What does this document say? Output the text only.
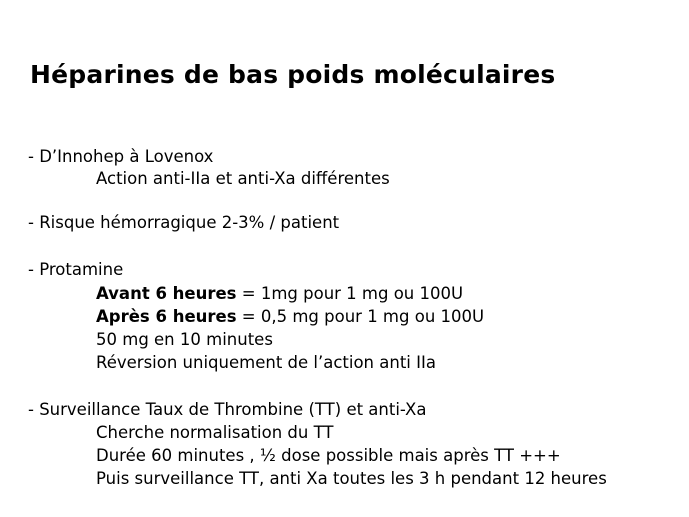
Héparines de bas poids moléculaires
- D’Innohep à Lovenox
Action anti-IIa et anti-Xa différentes
- Risque hémorragique 2-3% / patient
- Protamine
Avant 6 heures = 1mg pour 1 mg ou 100U
Après 6 heures = 0,5 mg pour 1 mg ou 100U
50 mg en 10 minutes
Réversion uniquement de l’action anti IIa
- Surveillance Taux de Thrombine (TT) et anti-Xa
Cherche normalisation du TT
Durée 60 minutes , ½ dose possible mais après TT +++
Puis surveillance TT, anti Xa toutes les 3 h pendant 12 heures
